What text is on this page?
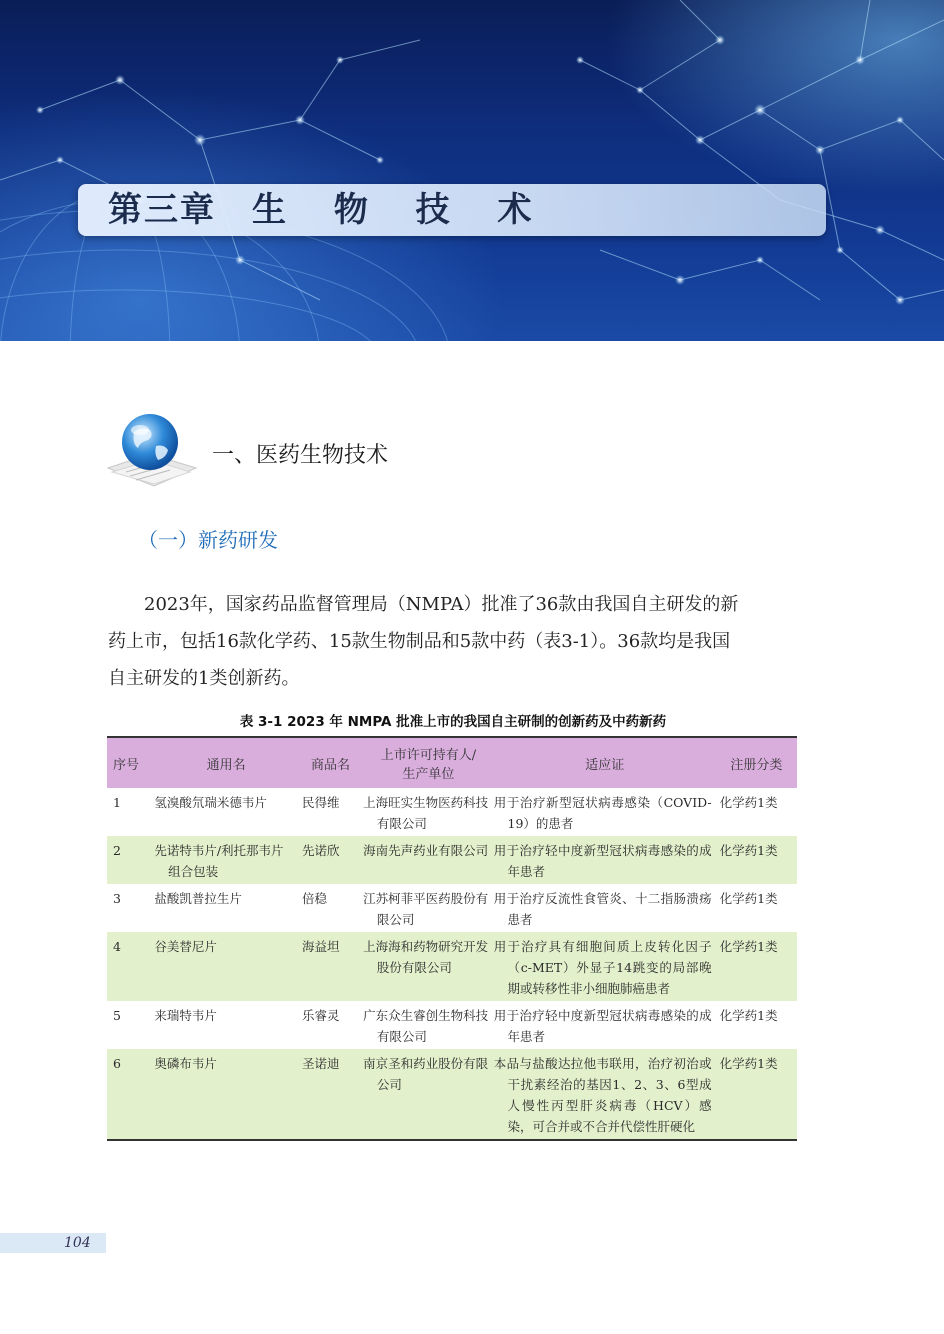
第三章 生 物 技 术
一、医药生物技术
（一）新药研发
2023年，国家药品监督管理局（NMPA）批准了36款由我国自主研发的新
药上市，包括16款化学药、15款生物制品和5款中药（表3-1）。36款均是我国
自主研发的1类创新药。
表 3-1 2023 年 NMPA 批准上市的我国自主研制的创新药及中药新药
序号	通用名	商品名	上市许可持有人/
生产单位	适应证	注册分类
1	氢溴酸氘瑞米德韦片	民得维	上海旺实生物医药科技有限公司	用于治疗新型冠状病毒感染（COVID-19）的患者	化学药1类
2	先诺特韦片/利托那韦片组合包装	先诺欣	海南先声药业有限公司	用于治疗轻中度新型冠状病毒感染的成年患者	化学药1类
3	盐酸凯普拉生片	倍稳	江苏柯菲平医药股份有限公司	用于治疗反流性食管炎、十二指肠溃疡患者	化学药1类
4	谷美替尼片	海益坦	上海海和药物研究开发股份有限公司	用于治疗具有细胞间质上皮转化因子（c-MET）外显子14跳变的局部晚期或转移性非小细胞肺癌患者	化学药1类
5	来瑞特韦片	乐睿灵	广东众生睿创生物科技有限公司	用于治疗轻中度新型冠状病毒感染的成年患者	化学药1类
6	奥磷布韦片	圣诺迪	南京圣和药业股份有限公司	本品与盐酸达拉他韦联用，治疗初治或干扰素经治的基因1、2、3、6型成人慢性丙型肝炎病毒（HCV）感染，可合并或不合并代偿性肝硬化	化学药1类
104
